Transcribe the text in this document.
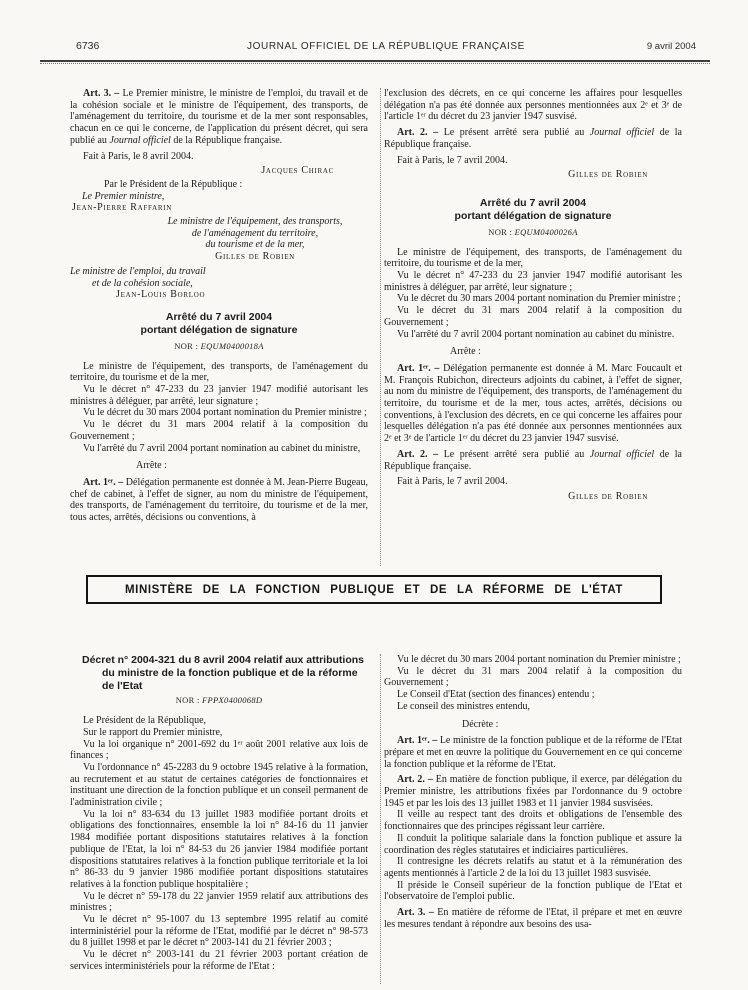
6736	JOURNAL OFFICIEL DE LA RÉPUBLIQUE FRANÇAISE	9 avril 2004

Art. 3. – Le Premier ministre, le ministre de l'emploi, du travail et de la cohésion sociale et le ministre de l'équipement, des transports, de l'aménagement du territoire, du tourisme et de la mer sont responsables, chacun en ce qui le concerne, de l'application du présent décret, qui sera publié au Journal officiel de la République française.

Fait à Paris, le 8 avril 2004.

Jacques Chirac

Par le Président de la République :

Le Premier ministre,

Jean-Pierre Raffarin

Le ministre de l'équipement, des transports,

de l'aménagement du territoire,

du tourisme et de la mer,

Gilles de Robien

Le ministre de l'emploi, du travail

et de la cohésion sociale,

Jean-Louis Borloo

Arrêté du 7 avril 2004
portant délégation de signature

NOR : EQUM0400018A

Le ministre de l'équipement, des transports, de l'aménagement du territoire, du tourisme et de la mer,

Vu le décret n° 47-233 du 23 janvier 1947 modifié autorisant les ministres à déléguer, par arrêté, leur signature ;

Vu le décret du 30 mars 2004 portant nomination du Premier ministre ;

Vu le décret du 31 mars 2004 relatif à la composition du Gouvernement ;

Vu l'arrêté du 7 avril 2004 portant nomination au cabinet du ministre,

Arrête :

Art. 1ᵉʳ. – Délégation permanente est donnée à M. Jean-Pierre Bugeau, chef de cabinet, à l'effet de signer, au nom du ministre de l'équipement, des transports, de l'aménagement du territoire, du tourisme et de la mer, tous actes, arrêtés, décisions ou conventions, à

l'exclusion des décrets, en ce qui concerne les affaires pour lesquelles délégation n'a pas été donnée aux personnes mentionnées aux 2ᵉ et 3ᵉ de l'article 1ᵉʳ du décret du 23 janvier 1947 susvisé.

Art. 2. – Le présent arrêté sera publié au Journal officiel de la République française.

Fait à Paris, le 7 avril 2004.

Gilles de Robien

Arrêté du 7 avril 2004
portant délégation de signature

NOR : EQUM0400026A

Le ministre de l'équipement, des transports, de l'aménagement du territoire, du tourisme et de la mer,

Vu le décret n° 47-233 du 23 janvier 1947 modifié autorisant les ministres à déléguer, par arrêté, leur signature ;

Vu le décret du 30 mars 2004 portant nomination du Premier ministre ;

Vu le décret du 31 mars 2004 relatif à la composition du Gouvernement ;

Vu l'arrêté du 7 avril 2004 portant nomination au cabinet du ministre.

Arrête :

Art. 1ᵉʳ. – Délégation permanente est donnée à M. Marc Foucault et M. François Rubichon, directeurs adjoints du cabinet, à l'effet de signer, au nom du ministre de l'équipement, des transports, de l'aménagement du territoire, du tourisme et de la mer, tous actes, arrêtés, décisions ou conventions, à l'exclusion des décrets, en ce qui concerne les affaires pour lesquelles délégation n'a pas été donnée aux personnes mentionnées aux 2ᵉ et 3ᵉ de l'article 1ᵉʳ du décret du 23 janvier 1947 susvisé.

Art. 2. – Le présent arrêté sera publié au Journal officiel de la République française.

Fait à Paris, le 7 avril 2004.

Gilles de Robien

MINISTÈRE DE LA FONCTION PUBLIQUE ET DE LA RÉFORME DE L'ÉTAT

Décret n° 2004-321 du 8 avril 2004 relatif aux attributions du ministre de la fonction publique et de la réforme de l'Etat

NOR : FPPX0400068D

Le Président de la République,

Sur le rapport du Premier ministre,

Vu la loi organique n° 2001-692 du 1ᵉʳ août 2001 relative aux lois de finances ;

Vu l'ordonnance n° 45-2283 du 9 octobre 1945 relative à la formation, au recrutement et au statut de certaines catégories de fonctionnaires et instituant une direction de la fonction publique et un conseil permanent de l'administration civile ;

Vu la loi n° 83-634 du 13 juillet 1983 modifiée portant droits et obligations des fonctionnaires, ensemble la loi n° 84-16 du 11 janvier 1984 modifiée portant dispositions statutaires relatives à la fonction publique de l'Etat, la loi n° 84-53 du 26 janvier 1984 modifiée portant dispositions statutaires relatives à la fonction publique territoriale et la loi n° 86-33 du 9 janvier 1986 modifiée portant dispositions statutaires relatives à la fonction publique hospitalière ;

Vu le décret n° 59-178 du 22 janvier 1959 relatif aux attributions des ministres ;

Vu le décret n° 95-1007 du 13 septembre 1995 relatif au comité interministériel pour la réforme de l'Etat, modifié par le décret n° 98-573 du 8 juillet 1998 et par le décret n° 2003-141 du 21 février 2003 ;

Vu le décret n° 2003-141 du 21 février 2003 portant création de services interministériels pour la réforme de l'Etat :

Vu le décret du 30 mars 2004 portant nomination du Premier ministre ;

Vu le décret du 31 mars 2004 relatif à la composition du Gouvernement ;

Le Conseil d'Etat (section des finances) entendu ;

Le conseil des ministres entendu,

Décrète :

Art. 1ᵉʳ. – Le ministre de la fonction publique et de la réforme de l'Etat prépare et met en œuvre la politique du Gouvernement en ce qui concerne la fonction publique et la réforme de l'Etat.

Art. 2. – En matière de fonction publique, il exerce, par délégation du Premier ministre, les attributions fixées par l'ordonnance du 9 octobre 1945 et par les lois des 13 juillet 1983 et 11 janvier 1984 susvisées.

Il veille au respect tant des droits et obligations de l'ensemble des fonctionnaires que des principes régissant leur carrière.

Il conduit la politique salariale dans la fonction publique et assure la coordination des règles statutaires et indiciaires particulières.

Il contresigne les décrets relatifs au statut et à la rémunération des agents mentionnés à l'article 2 de la loi du 13 juillet 1983 susvisée.

Il préside le Conseil supérieur de la fonction publique de l'Etat et l'observatoire de l'emploi public.

Art. 3. – En matière de réforme de l'Etat, il prépare et met en œuvre les mesures tendant à répondre aux besoins des usa-
